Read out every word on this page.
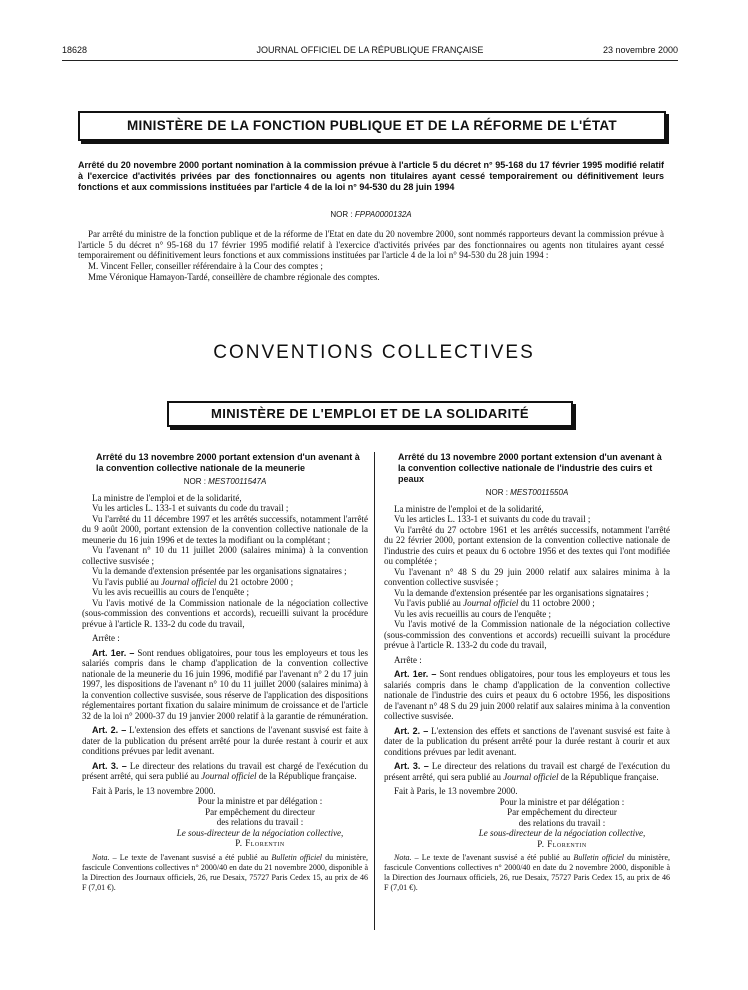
18628	JOURNAL OFFICIEL DE LA RÉPUBLIQUE FRANÇAISE	23 novembre 2000
MINISTÈRE DE LA FONCTION PUBLIQUE ET DE LA RÉFORME DE L'ÉTAT
Arrêté du 20 novembre 2000 portant nomination à la commission prévue à l'article 5 du décret n° 95-168 du 17 février 1995 modifié relatif à l'exercice d'activités privées par des fonctionnaires ou agents non titulaires ayant cessé temporairement ou définitivement leurs fonctions et aux commissions instituées par l'article 4 de la loi n° 94-530 du 28 juin 1994
NOR : FPPA0000132A

Par arrêté du ministre de la fonction publique et de la réforme de l'Etat en date du 20 novembre 2000, sont nommés rapporteurs devant la commission prévue à l'article 5 du décret n° 95-168 du 17 février 1995 modifié relatif à l'exercice d'activités privées par des fonctionnaires ou agents non titulaires ayant cessé temporairement ou définitivement leurs fonctions et aux commissions instituées par l'article 4 de la loi n° 94-530 du 28 juin 1994 :

M. Vincent Feller, conseiller référendaire à la Cour des comptes ;

Mme Véronique Hamayon-Tardé, conseillère de chambre régionale des comptes.

CONVENTIONS COLLECTIVES
MINISTÈRE DE L'EMPLOI ET DE LA SOLIDARITÉ
Arrêté du 13 novembre 2000 portant extension d'un avenant à la convention collective nationale de la meunerie
NOR : MEST0011547A

La ministre de l'emploi et de la solidarité,

Vu les articles L. 133-1 et suivants du code du travail ;

Vu l'arrêté du 11 décembre 1997 et les arrêtés successifs, notamment l'arrêté du 9 août 2000, portant extension de la convention collective nationale de la meunerie du 16 juin 1996 et de textes la modifiant ou la complétant ;

Vu l'avenant n° 10 du 11 juillet 2000 (salaires minima) à la convention collective susvisée ;

Vu la demande d'extension présentée par les organisations signataires ;

Vu l'avis publié au Journal officiel du 21 octobre 2000 ;

Vu les avis recueillis au cours de l'enquête ;

Vu l'avis motivé de la Commission nationale de la négociation collective (sous-commission des conventions et accords), recueilli suivant la procédure prévue à l'article R. 133-2 du code du travail,

Arrête :

Art. 1er. – Sont rendues obligatoires, pour tous les employeurs et tous les salariés compris dans le champ d'application de la convention collective nationale de la meunerie du 16 juin 1996, modifié par l'avenant n° 2 du 17 juin 1997, les dispositions de l'avenant n° 10 du 11 juillet 2000 (salaires minima) à la convention collective susvisée, sous réserve de l'application des dispositions réglementaires portant fixation du salaire minimum de croissance et de l'article 32 de la loi n° 2000-37 du 19 janvier 2000 relatif à la garantie de rémunération.

Art. 2. – L'extension des effets et sanctions de l'avenant susvisé est faite à dater de la publication du présent arrêté pour la durée restant à courir et aux conditions prévues par ledit avenant.

Art. 3. – Le directeur des relations du travail est chargé de l'exécution du présent arrêté, qui sera publié au Journal officiel de la République française.

Fait à Paris, le 13 novembre 2000.

Pour la ministre et par délégation :
Par empêchement du directeur
des relations du travail :
Le sous-directeur de la négociation collective,
P. Florentin

Nota. – Le texte de l'avenant susvisé a été publié au Bulletin officiel du ministère, fascicule Conventions collectives n° 2000/40 en date du 21 novembre 2000, disponible à la Direction des Journaux officiels, 26, rue Desaix, 75727 Paris Cedex 15, au prix de 46 F (7,01 €).

Arrêté du 13 novembre 2000 portant extension d'un avenant à la convention collective nationale de l'industrie des cuirs et peaux
NOR : MEST0011550A

La ministre de l'emploi et de la solidarité,

Vu les articles L. 133-1 et suivants du code du travail ;

Vu l'arrêté du 27 octobre 1961 et les arrêtés successifs, notamment l'arrêté du 22 février 2000, portant extension de la convention collective nationale de l'industrie des cuirs et peaux du 6 octobre 1956 et des textes qui l'ont modifiée ou complétée ;

Vu l'avenant n° 48 S du 29 juin 2000 relatif aux salaires minima à la convention collective susvisée ;

Vu la demande d'extension présentée par les organisations signataires ;

Vu l'avis publié au Journal officiel du 11 octobre 2000 ;

Vu les avis recueillis au cours de l'enquête ;

Vu l'avis motivé de la Commission nationale de la négociation collective (sous-commission des conventions et accords) recueilli suivant la procédure prévue à l'article R. 133-2 du code du travail,

Arrête :

Art. 1er. – Sont rendues obligatoires, pour tous les employeurs et tous les salariés compris dans le champ d'application de la convention collective nationale de l'industrie des cuirs et peaux du 6 octobre 1956, les dispositions de l'avenant n° 48 S du 29 juin 2000 relatif aux salaires minima à la convention collective susvisée.

Art. 2. – L'extension des effets et sanctions de l'avenant susvisé est faite à dater de la publication du présent arrêté pour la durée restant à courir et aux conditions prévues par ledit avenant.

Art. 3. – Le directeur des relations du travail est chargé de l'exécution du présent arrêté, qui sera publié au Journal officiel de la République française.

Fait à Paris, le 13 novembre 2000.

Pour la ministre et par délégation :
Par empêchement du directeur
des relations du travail :
Le sous-directeur de la négociation collective,
P. Florentin

Nota. – Le texte de l'avenant susvisé a été publié au Bulletin officiel du ministère, fascicule Conventions collectives n° 2000/40 en date du 2 novembre 2000, disponible à la Direction des Journaux officiels, 26, rue Desaix, 75727 Paris Cedex 15, au prix de 46 F (7,01 €).
